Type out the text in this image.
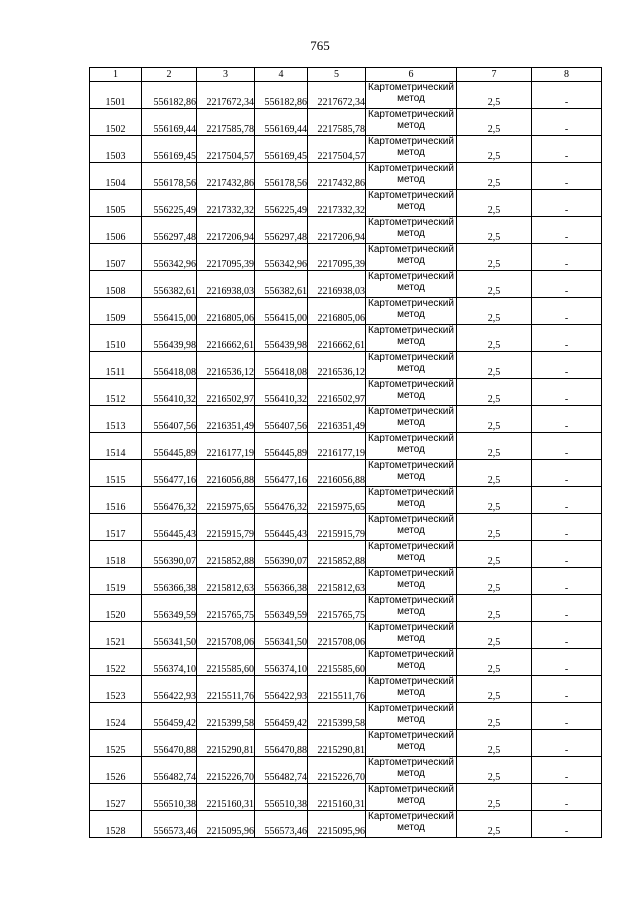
765
1	2	3	4	5	6	7	8
1501	556182,86	2217672,34	556182,86	2217672,34	Картометрический метод	2,5	-
1502	556169,44	2217585,78	556169,44	2217585,78	Картометрический метод	2,5	-
1503	556169,45	2217504,57	556169,45	2217504,57	Картометрический метод	2,5	-
1504	556178,56	2217432,86	556178,56	2217432,86	Картометрический метод	2,5	-
1505	556225,49	2217332,32	556225,49	2217332,32	Картометрический метод	2,5	-
1506	556297,48	2217206,94	556297,48	2217206,94	Картометрический метод	2,5	-
1507	556342,96	2217095,39	556342,96	2217095,39	Картометрический метод	2,5	-
1508	556382,61	2216938,03	556382,61	2216938,03	Картометрический метод	2,5	-
1509	556415,00	2216805,06	556415,00	2216805,06	Картометрический метод	2,5	-
1510	556439,98	2216662,61	556439,98	2216662,61	Картометрический метод	2,5	-
1511	556418,08	2216536,12	556418,08	2216536,12	Картометрический метод	2,5	-
1512	556410,32	2216502,97	556410,32	2216502,97	Картометрический метод	2,5	-
1513	556407,56	2216351,49	556407,56	2216351,49	Картометрический метод	2,5	-
1514	556445,89	2216177,19	556445,89	2216177,19	Картометрический метод	2,5	-
1515	556477,16	2216056,88	556477,16	2216056,88	Картометрический метод	2,5	-
1516	556476,32	2215975,65	556476,32	2215975,65	Картометрический метод	2,5	-
1517	556445,43	2215915,79	556445,43	2215915,79	Картометрический метод	2,5	-
1518	556390,07	2215852,88	556390,07	2215852,88	Картометрический метод	2,5	-
1519	556366,38	2215812,63	556366,38	2215812,63	Картометрический метод	2,5	-
1520	556349,59	2215765,75	556349,59	2215765,75	Картометрический метод	2,5	-
1521	556341,50	2215708,06	556341,50	2215708,06	Картометрический метод	2,5	-
1522	556374,10	2215585,60	556374,10	2215585,60	Картометрический метод	2,5	-
1523	556422,93	2215511,76	556422,93	2215511,76	Картометрический метод	2,5	-
1524	556459,42	2215399,58	556459,42	2215399,58	Картометрический метод	2,5	-
1525	556470,88	2215290,81	556470,88	2215290,81	Картометрический метод	2,5	-
1526	556482,74	2215226,70	556482,74	2215226,70	Картометрический метод	2,5	-
1527	556510,38	2215160,31	556510,38	2215160,31	Картометрический метод	2,5	-
1528	556573,46	2215095,96	556573,46	2215095,96	Картометрический метод	2,5	-
